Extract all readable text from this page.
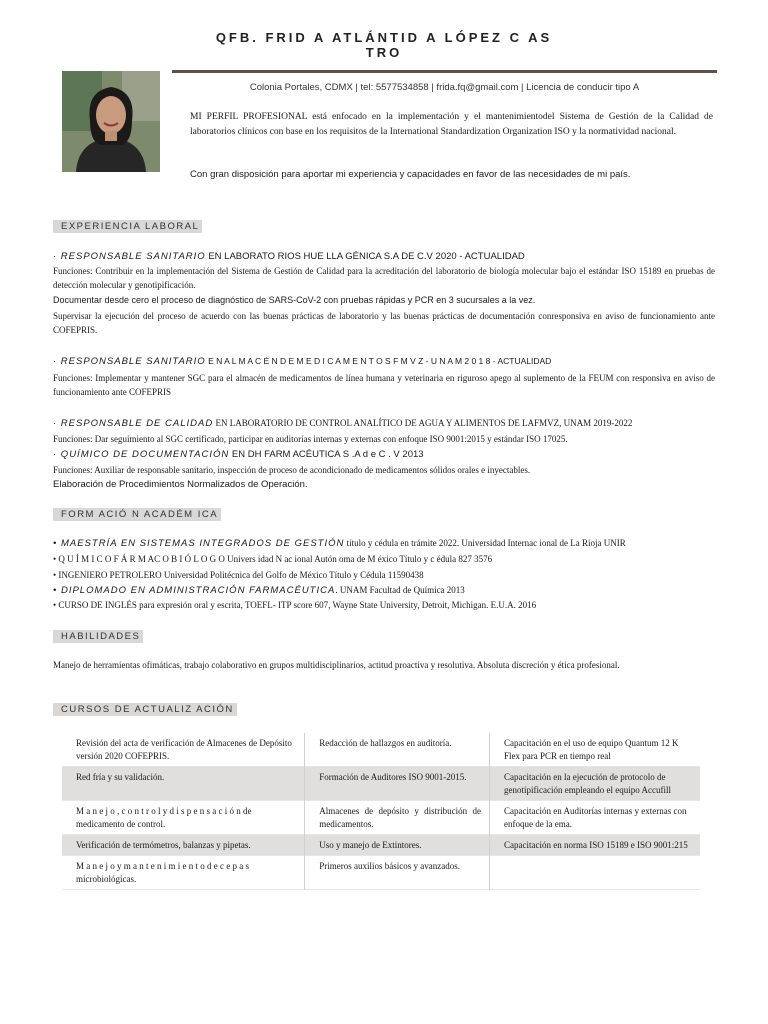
QFB. FRID A ATLÁNTID A LÓPEZ C AS
TRO
Colonia Portales, CDMX | tel: 5577534858 | frida.fq@gmail.com | Licencia de conducir tipo A
MI PERFIL PROFESIONAL está enfocado en la implementación y el mantenimientodel Sistema de Gestión de la Calidad de laboratorios clínicos con base en los requisitos de la International Standardization Organization ISO y la normatividad nacional.
Con gran disposición para aportar mi experiencia y capacidades en favor de las necesidades de mi país.
EXPERIENCIA LABORAL
· RESPONSABLE SANITARIO EN LABORATO RIOS HUE LLA GÉNICA S.A DE C.V 2020 - ACTUALIDAD
Funciones: Contribuir en la implementación del Sistema de Gestión de Calidad para la acreditación del laboratorio de biología molecular bajo el estándar ISO 15189 en pruebas de detección molecular y genotipificación.
Documentar desde cero el proceso de diagnóstico de SARS-CoV-2 con pruebas rápidas y PCR en 3 sucursales a la vez.
Supervisar la ejecución del proceso de acuerdo con las buenas prácticas de laboratorio y las buenas prácticas de documentación conresponsiva en aviso de funcionamiento ante COFEPRIS.
· RESPONSABLE SANITARIO E N A L M A C É N D E M E D I C A M E N T O S F M V Z - U N A M 2 0 1 8 - ACTUALIDAD
Funciones: Implementar y mantener SGC para el almacén de medicamentos de línea humana y veterinaria en riguroso apego al suplemento de la FEUM con responsiva en aviso de funcionamiento ante COFEPRIS
· RESPONSABLE DE CALIDAD EN LABORATORIO DE CONTROL ANALÍTICO DE AGUA Y ALIMENTOS DE LAFMVZ, UNAM 2019-2022
Funciones: Dar seguimiento al SGC certificado, participar en auditorías internas y externas con enfoque ISO 9001:2015 y estándar ISO 17025.
· QUÍMICO DE DOCUMENTACIÓN EN DH FARM ACÉUTICA S .A d e C . V 2013
Funciones: Auxiliar de responsable sanitario, inspección de proceso de acondicionado de medicamentos sólidos orales e inyectables.
Elaboración de Procedimientos Normalizados de Operación.
FORM ACIÓ N ACADÉM ICA
• MAESTRÍA EN SISTEMAS INTEGRADOS DE GESTIÓN título y cédula en trámite 2022. Universidad Internac ional de La Rioja UNIR
• Q U Í M I C O F Á R M AC O B I Ó L O G O Univers idad N ac ional Autón oma de M éxico Título y c édula 827 3576
• INGENIERO PETROLERO Universidad Politécnica del Golfo de México Título y Cédula 11590438
• DIPLOMADO EN ADMINISTRACIÓN FARMACÉUTICA. UNAM Facultad de Química 2013
• CURSO DE INGLÉS para expresión oral y escrita, TOEFL- ITP score 607, Wayne State University, Detroit, Michigan. E.U.A. 2016
HABILIDADES
Manejo de herramientas ofimáticas, trabajo colaborativo en grupos multidisciplinarios, actitud proactiva y resolutiva. Absoluta discreción y ética profesional.
CURSOS DE ACTUALIZ ACIÓN
Revisión del acta de verificación de Almacenes de Depósito versión 2020 COFEPRIS.	Redacción de hallazgos en auditoría.	Capacitación en el uso de equipo Quantum 12 K Flex para PCR en tiempo real
Red fría y su validación.	Formación de Auditores ISO 9001-2015.	Capacitación en la ejecución de protocolo de genotipificación empleando el equipo Accufill
M a n e j o , c o n t r o l y d i s p e n s a c i ó n de medicamento de control.	Almacenes de depósito y distribución de medicamentos.	Capacitación en Auditorías internas y externas con enfoque de la ema.
Verificación de termómetros, balanzas y pipetas.	Uso y manejo de Extintores.	Capacitación en norma ISO 15189 e ISO 9001:215
M a n e j o y m a n t e n i m i e n t o d e c e p a s microbiológicas.	Primeros auxilios básicos y avanzados.	
